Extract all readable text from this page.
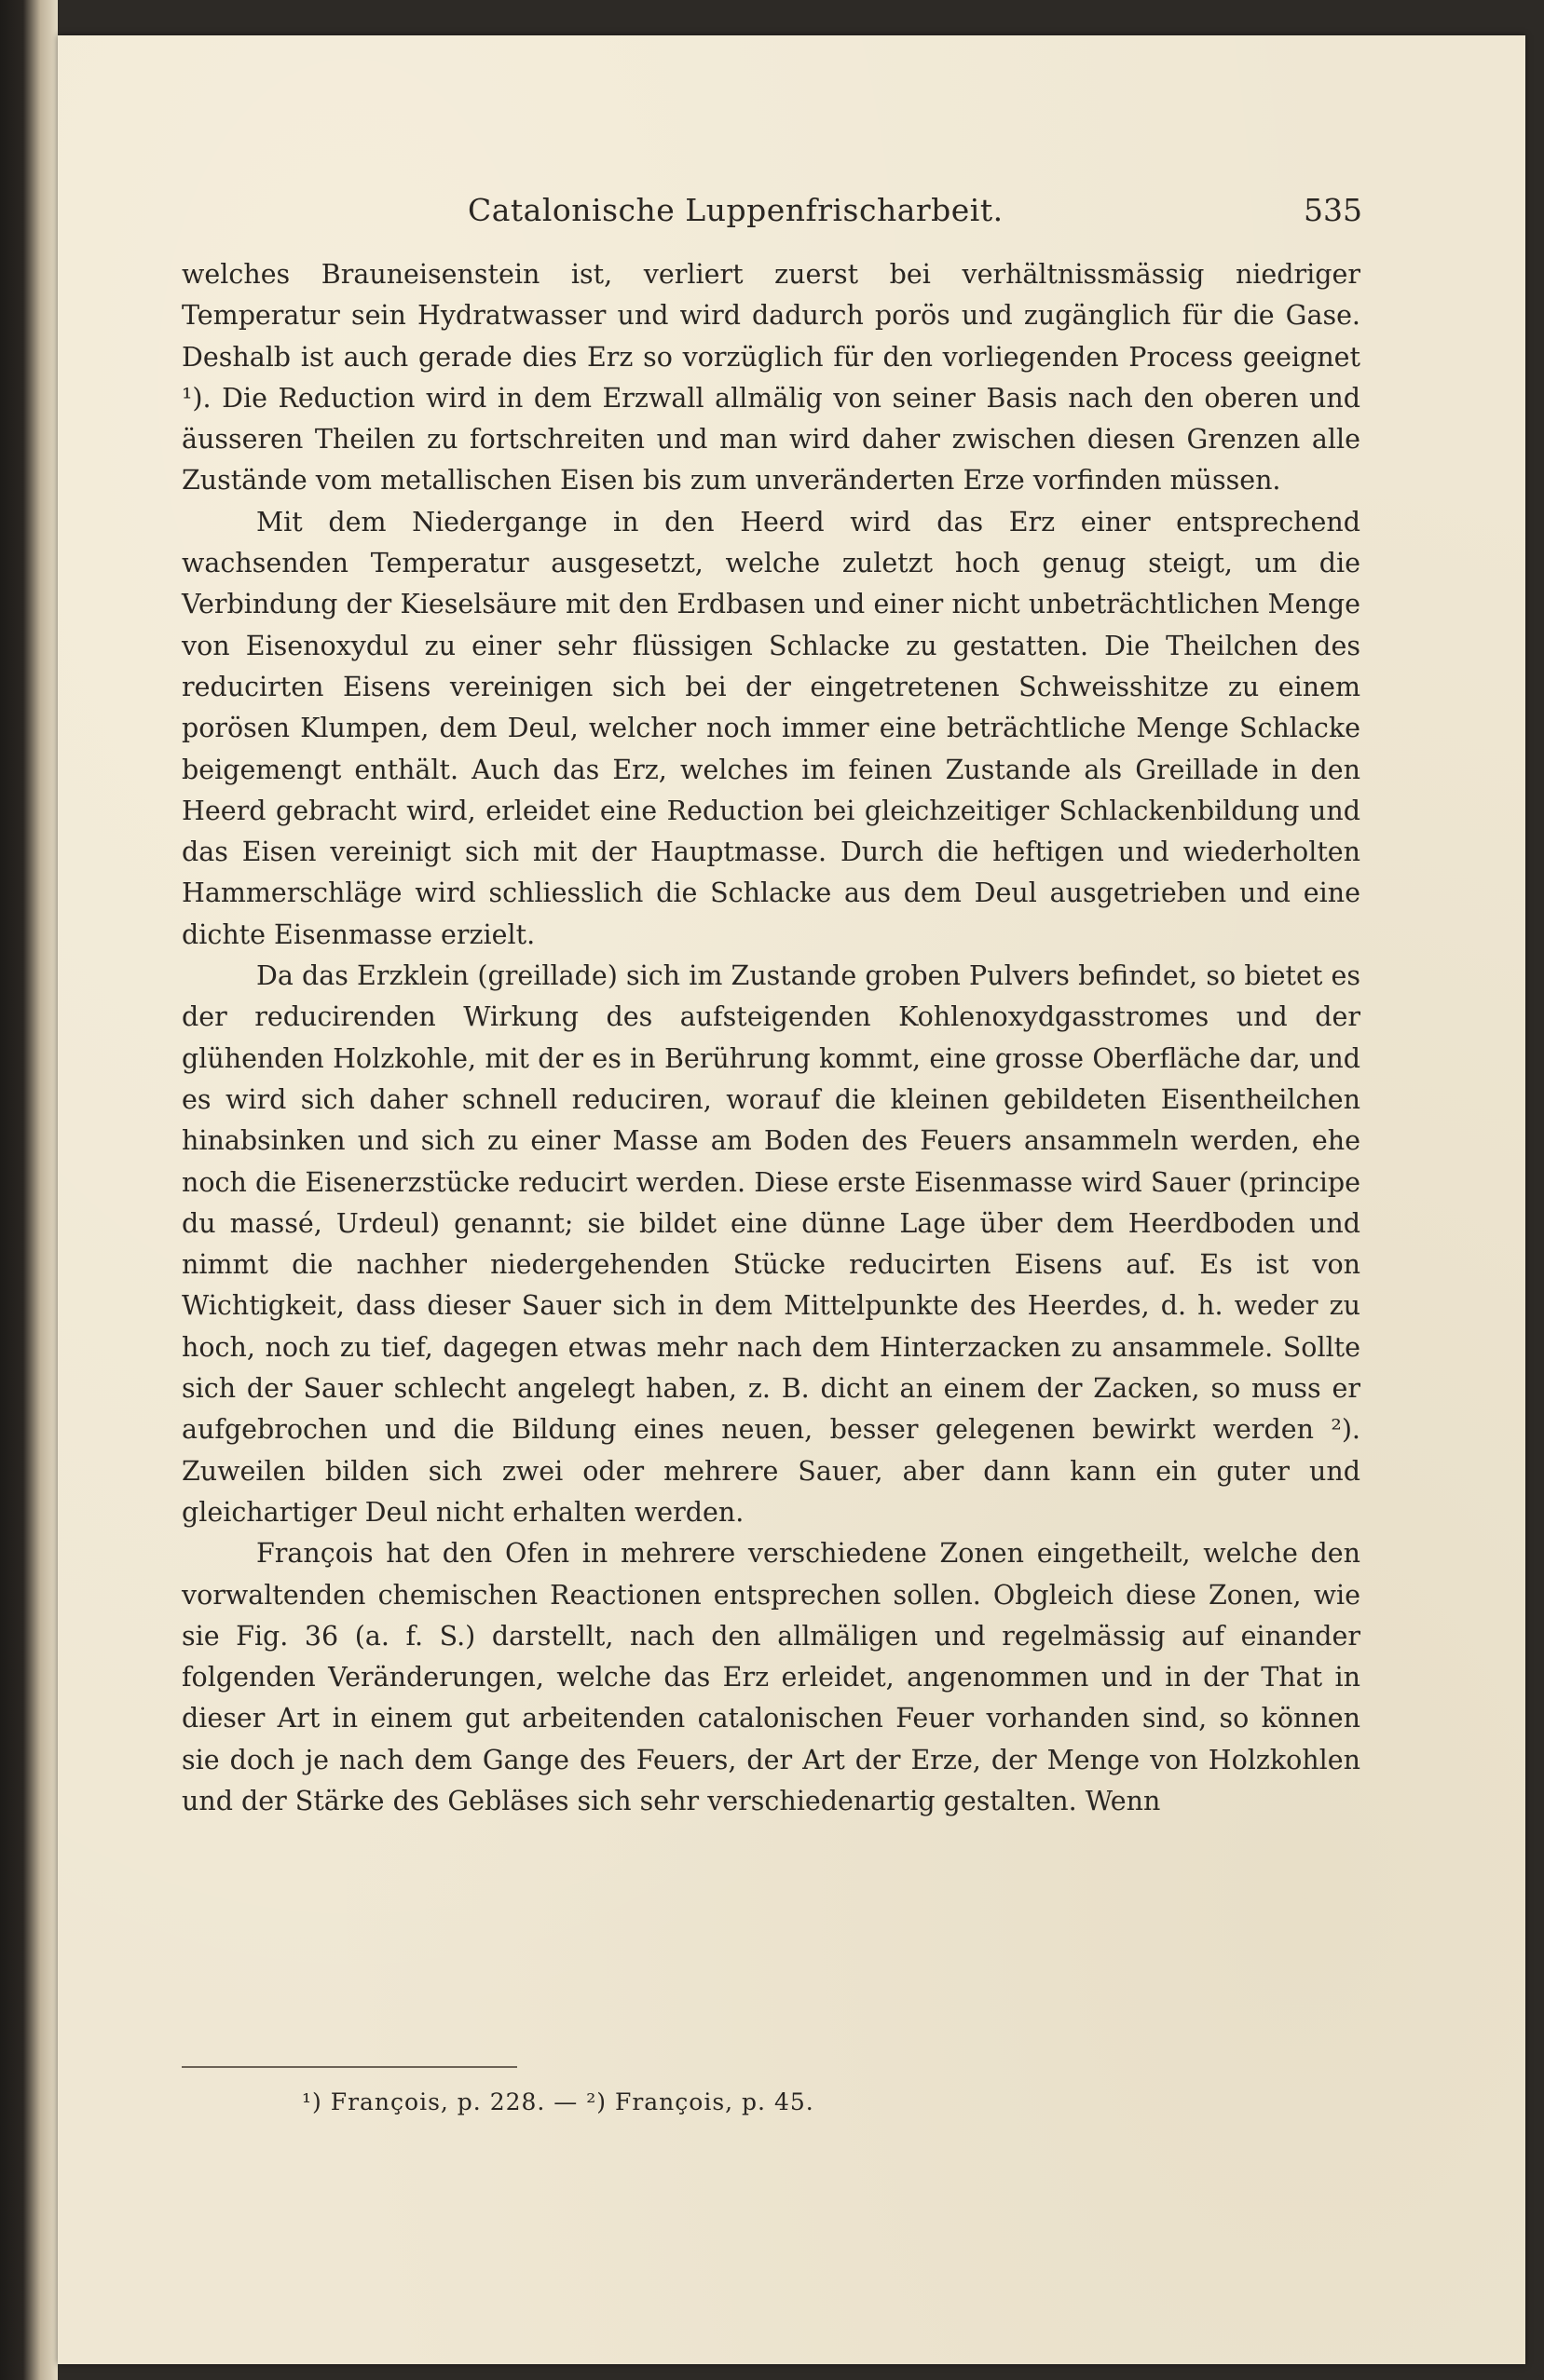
Catalonische Luppenfrischarbeit.	535

welches Brauneisenstein ist, verliert zuerst bei verhältnissmässig niedriger Temperatur sein Hydratwasser und wird dadurch porös und zugänglich für die Gase. Deshalb ist auch gerade dies Erz so vorzüglich für den vorliegenden Process geeignet ¹). Die Reduction wird in dem Erzwall allmälig von seiner Basis nach den oberen und äusseren Theilen zu fortschreiten und man wird daher zwischen diesen Grenzen alle Zustände vom metallischen Eisen bis zum unveränderten Erze vorfinden müssen.

Mit dem Niedergange in den Heerd wird das Erz einer entsprechend wachsenden Temperatur ausgesetzt, welche zuletzt hoch genug steigt, um die Verbindung der Kieselsäure mit den Erdbasen und einer nicht unbeträchtlichen Menge von Eisenoxydul zu einer sehr flüssigen Schlacke zu gestatten. Die Theilchen des reducirten Eisens vereinigen sich bei der eingetretenen Schweisshitze zu einem porösen Klumpen, dem Deul, welcher noch immer eine beträchtliche Menge Schlacke beigemengt enthält. Auch das Erz, welches im feinen Zustande als Greillade in den Heerd gebracht wird, erleidet eine Reduction bei gleichzeitiger Schlackenbildung und das Eisen vereinigt sich mit der Hauptmasse. Durch die heftigen und wiederholten Hammerschläge wird schliesslich die Schlacke aus dem Deul ausgetrieben und eine dichte Eisenmasse erzielt.

Da das Erzklein (greillade) sich im Zustande groben Pulvers befindet, so bietet es der reducirenden Wirkung des aufsteigenden Kohlenoxydgasstromes und der glühenden Holzkohle, mit der es in Berührung kommt, eine grosse Oberfläche dar, und es wird sich daher schnell reduciren, worauf die kleinen gebildeten Eisentheilchen hinabsinken und sich zu einer Masse am Boden des Feuers ansammeln werden, ehe noch die Eisenerzstücke reducirt werden. Diese erste Eisenmasse wird Sauer (principe du massé, Urdeul) genannt; sie bildet eine dünne Lage über dem Heerdboden und nimmt die nachher niedergehenden Stücke reducirten Eisens auf. Es ist von Wichtigkeit, dass dieser Sauer sich in dem Mittelpunkte des Heerdes, d. h. weder zu hoch, noch zu tief, dagegen etwas mehr nach dem Hinterzacken zu ansammele. Sollte sich der Sauer schlecht angelegt haben, z. B. dicht an einem der Zacken, so muss er aufgebrochen und die Bildung eines neuen, besser gelegenen bewirkt werden ²). Zuweilen bilden sich zwei oder mehrere Sauer, aber dann kann ein guter und gleichartiger Deul nicht erhalten werden.

François hat den Ofen in mehrere verschiedene Zonen eingetheilt, welche den vorwaltenden chemischen Reactionen entsprechen sollen. Obgleich diese Zonen, wie sie Fig. 36 (a. f. S.) darstellt, nach den allmäligen und regelmässig auf einander folgenden Veränderungen, welche das Erz erleidet, angenommen und in der That in dieser Art in einem gut arbeitenden catalonischen Feuer vorhanden sind, so können sie doch je nach dem Gange des Feuers, der Art der Erze, der Menge von Holzkohlen und der Stärke des Gebläses sich sehr verschiedenartig gestalten. Wenn

¹) François, p. 228. — ²) François, p. 45.
